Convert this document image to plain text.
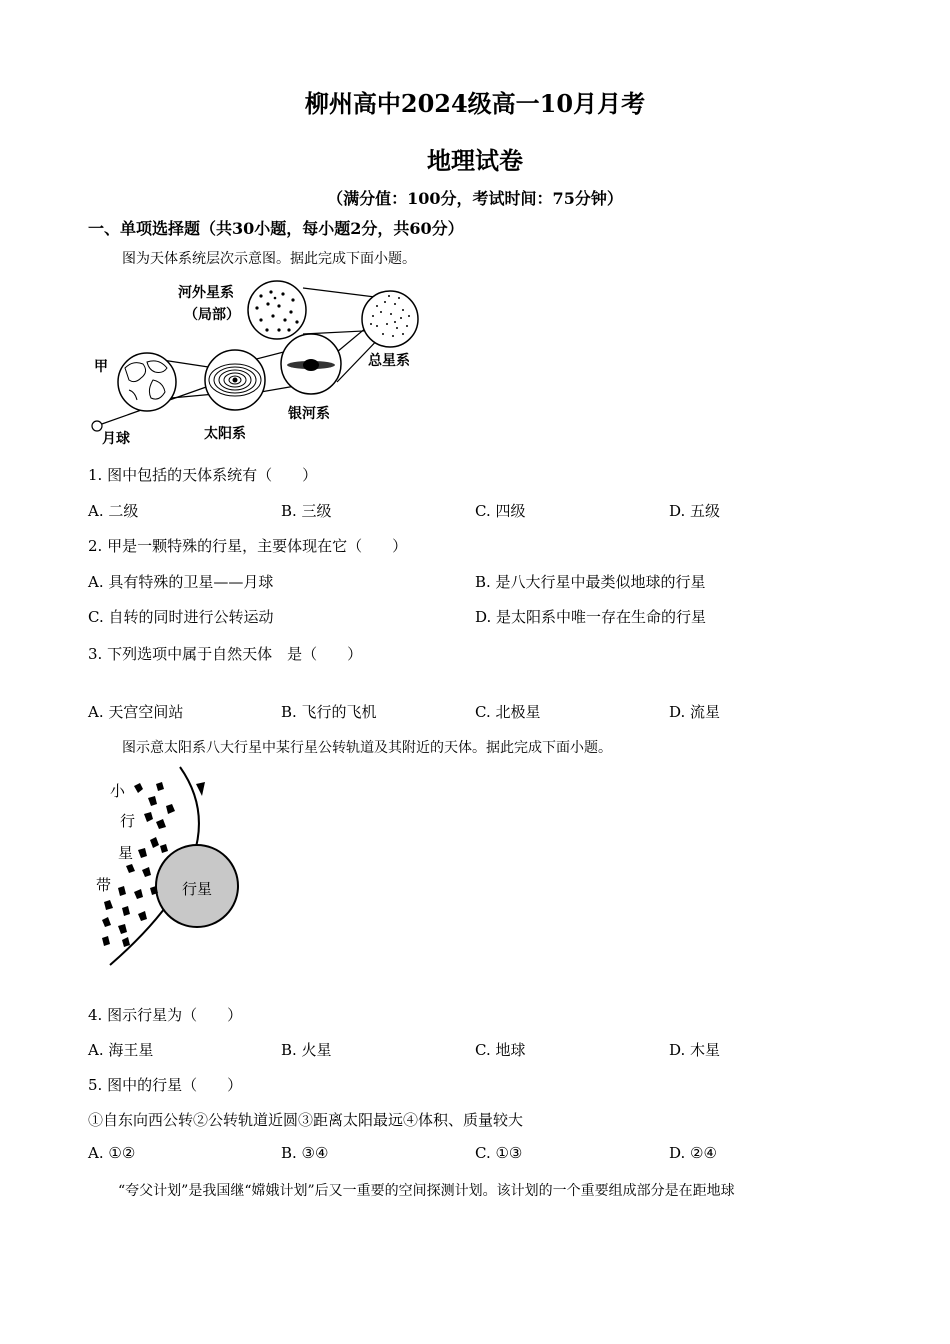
柳州高中2024级高一10月月考
地理试卷
（满分值：100分，考试时间：75分钟）
一、单项选择题（共30小题，每小题2分，共60分）
图为天体系统层次示意图。据此完成下面小题。
河外星系
（局部）
总星系
甲
月球	太阳系
银河系
1. 图中包括的天体系统有（　　）
A. 二级	B. 三级	C. 四级	D. 五级
2. 甲是一颗特殊的行星，主要体现在它（　　）
A. 具有特殊的卫星——月球	B. 是八大行星中最类似地球的行星
C. 自转的同时进行公转运动	D. 是太阳系中唯一存在生命的行星
3. 下列选项中属于自然天体　是（　　）
A. 天宫空间站	B. 飞行的飞机	C. 北极星	D. 流星
图示意太阳系八大行星中某行星公转轨道及其附近的天体。据此完成下面小题。
小
行
星
带	行星
4. 图示行星为（　　）
A. 海王星	B. 火星	C. 地球	D. 木星
5. 图中的行星（　　）
①自东向西公转②公转轨道近圆③距离太阳最远④体积、质量较大
A. ①②	B. ③④	C. ①③	D. ②④
“夸父计划”是我国继“嫦娥计划”后又一重要的空间探测计划。该计划的一个重要组成部分是在距地球
